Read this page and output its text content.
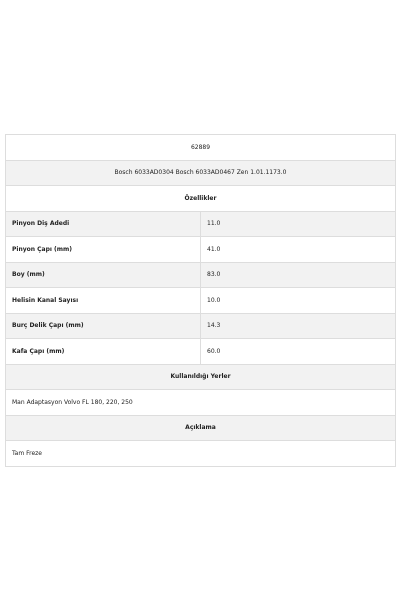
62889	
Bosch 6033AD0304 Bosch 6033AD0467 Zen 1.01.1173.0	
Özellikler	
Pinyon Diş Adedi	11.0
Pinyon Çapı (mm)	41.0
Boy (mm)	83.0
Helisin Kanal Sayısı	10.0
Burç Delik Çapı (mm)	14.3
Kafa Çapı (mm)	60.0
Kullanıldığı Yerler	
Man Adaptasyon Volvo FL 180, 220, 250	
Açıklama	
Tam Freze	
